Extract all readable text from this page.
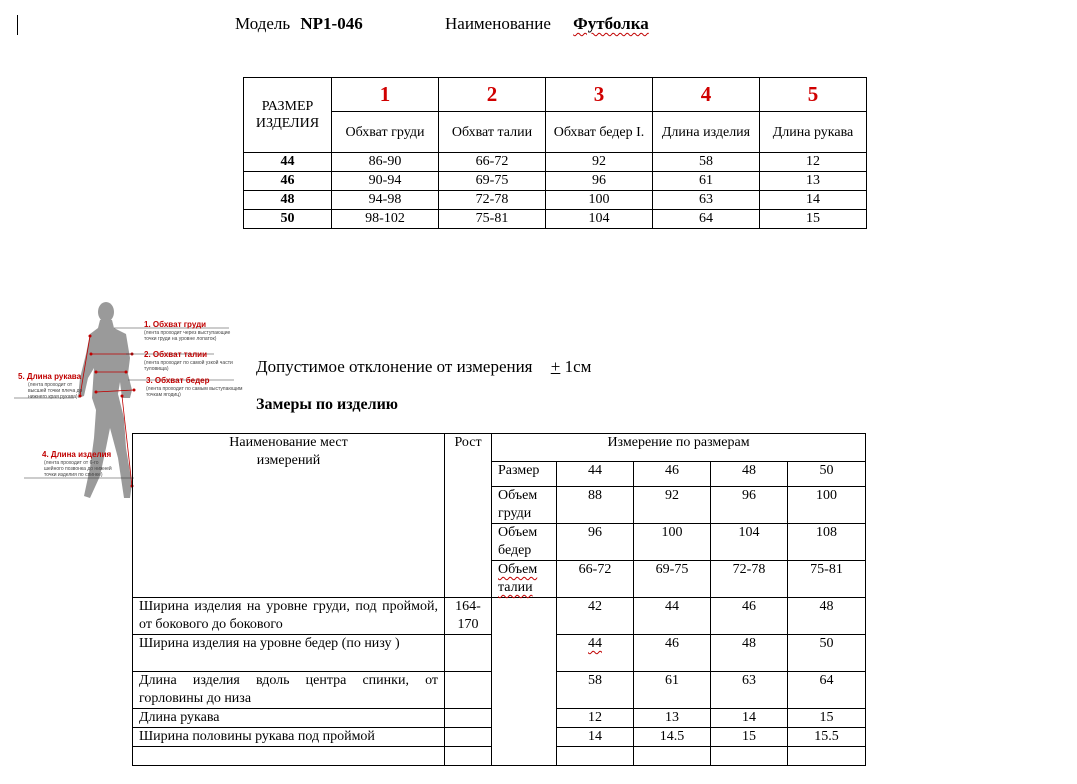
Модель NP1-046	Наименование Футболка
РАЗМЕР ИЗДЕЛИЯ	1	2	3	4	5
	Обхват груди	Обхват талии	Обхват бедер I.	Длина изделия	Длина рукава
44	86-90	66-72	92	58	12
46	90-94	69-75	96	61	13
48	94-98	72-78	100	63	14
50	98-102	75-81	104	64	15
1. Обхват груди
(лента проходит через выступающие точки груди на уровне лопаток)
2. Обхват талии
(лента проходит по самой узкой части туловища)
3. Обхват бедер
(лента проходит по самым выступающим точкам ягодиц)
5. Длина рукава
(лента проходит от высшей точки плеча до нижнего края рукава)
4. Длина изделия
(лента проходит от 6-го шейного позвонка до нижней точки изделия по спинке)
Допустимое отклонение от измерения + 1см
Замеры по изделию
Наименование мест измерений	Рост	Измерение по размерам				
		Размер	44	46	48	50
		Объем груди	88	92	96	100
		Объем бедер	96	100	104	108
		Объем талии	66-72	69-75	72-78	75-81
Ширина изделия на уровне груди, под проймой, от бокового до бокового	164-170		42	44	46	48
Ширина изделия на уровне бедер (по низу )			44	46	48	50
Длина изделия вдоль центра спинки, от горловины до низа			58	61	63	64
Длина рукава			12	13	14	15
Ширина половины рукава под проймой			14	14.5	15	15.5
